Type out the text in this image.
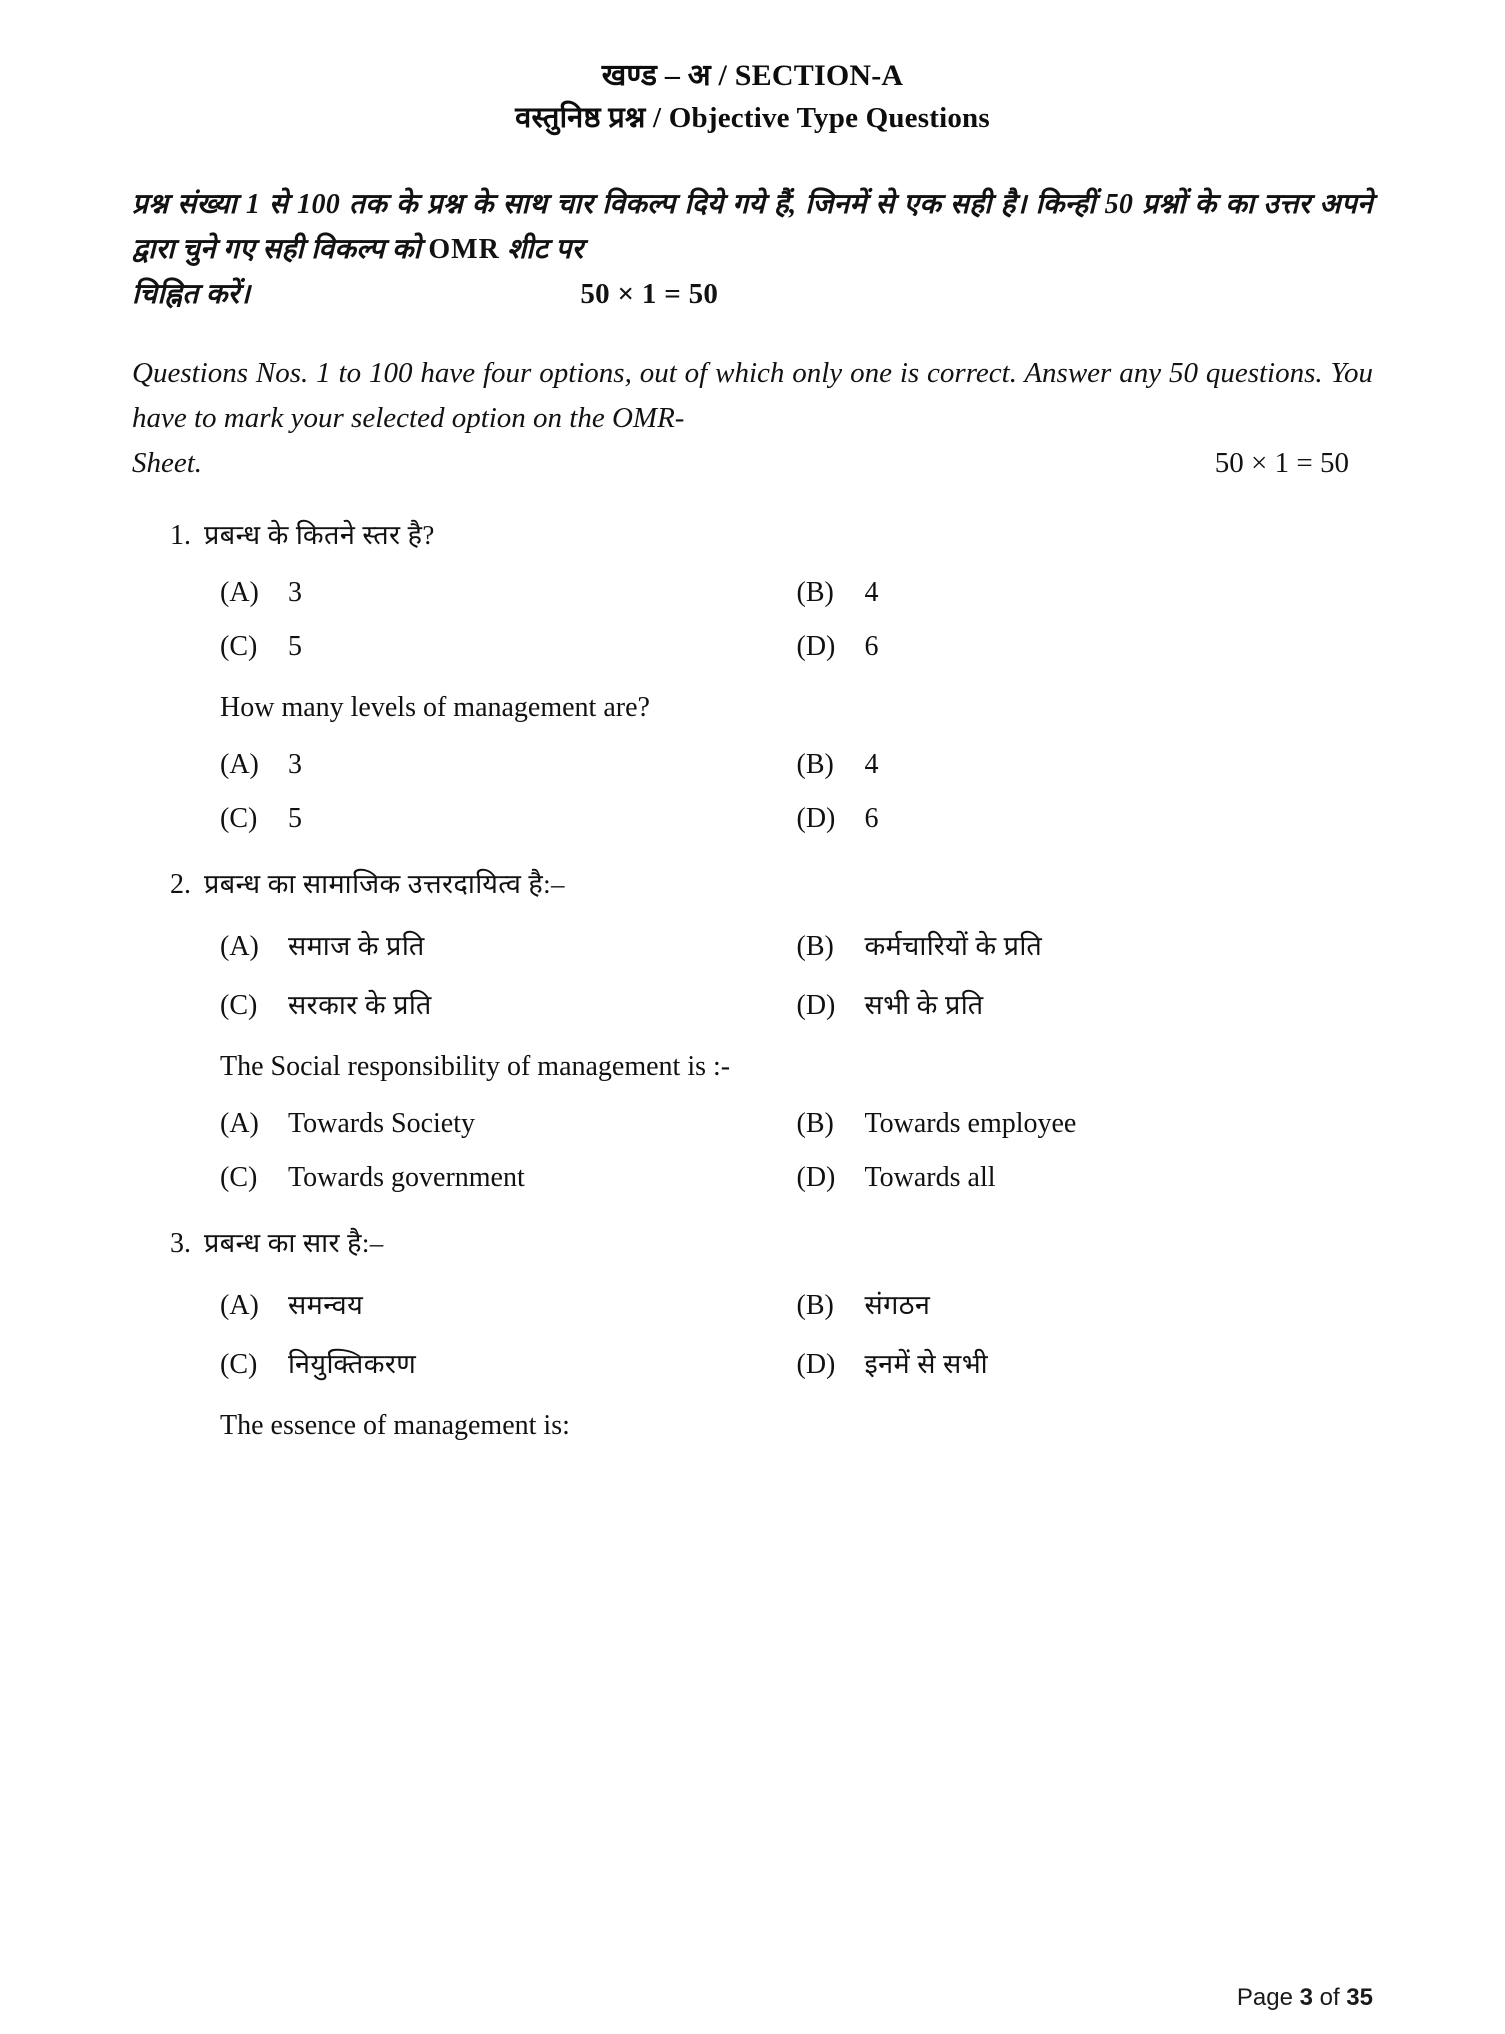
खण्ड – अ / SECTION-A
वस्तुनिष्ठ प्रश्न / Objective Type Questions
प्रश्न संख्या 1 से 100 तक के प्रश्न के साथ चार विकल्प दिये गये हैं, जिनमें से एक सही है। किन्हीं 50 प्रश्नों के का उत्तर अपने द्वारा चुने गए सही विकल्प को OMR शीट पर
चिह्नित करें।	50 × 1 = 50
Questions Nos. 1 to 100 have four options, out of which only one is correct. Answer any 50 questions. You have to mark your selected option on the OMR-
Sheet.	50 × 1 = 50
1. प्रबन्ध के कितने स्तर है?
(A)	3	(B)	4
(C)	5	(D)	6
How many levels of management are?
(A)	3	(B)	4
(C)	5	(D)	6
2. प्रबन्ध का सामाजिक उत्तरदायित्व है:–
(A)	समाज के प्रति	(B)	कर्मचारियों के प्रति
(C)	सरकार के प्रति	(D)	सभी के प्रति
The Social responsibility of management is :-
(A)	Towards Society	(B)	Towards employee
(C)	Towards government	(D)	Towards all
3. प्रबन्ध का सार है:–
(A)	समन्वय	(B)	संगठन
(C)	नियुक्तिकरण	(D)	इनमें से सभी
The essence of management is:
Page 3 of 35
